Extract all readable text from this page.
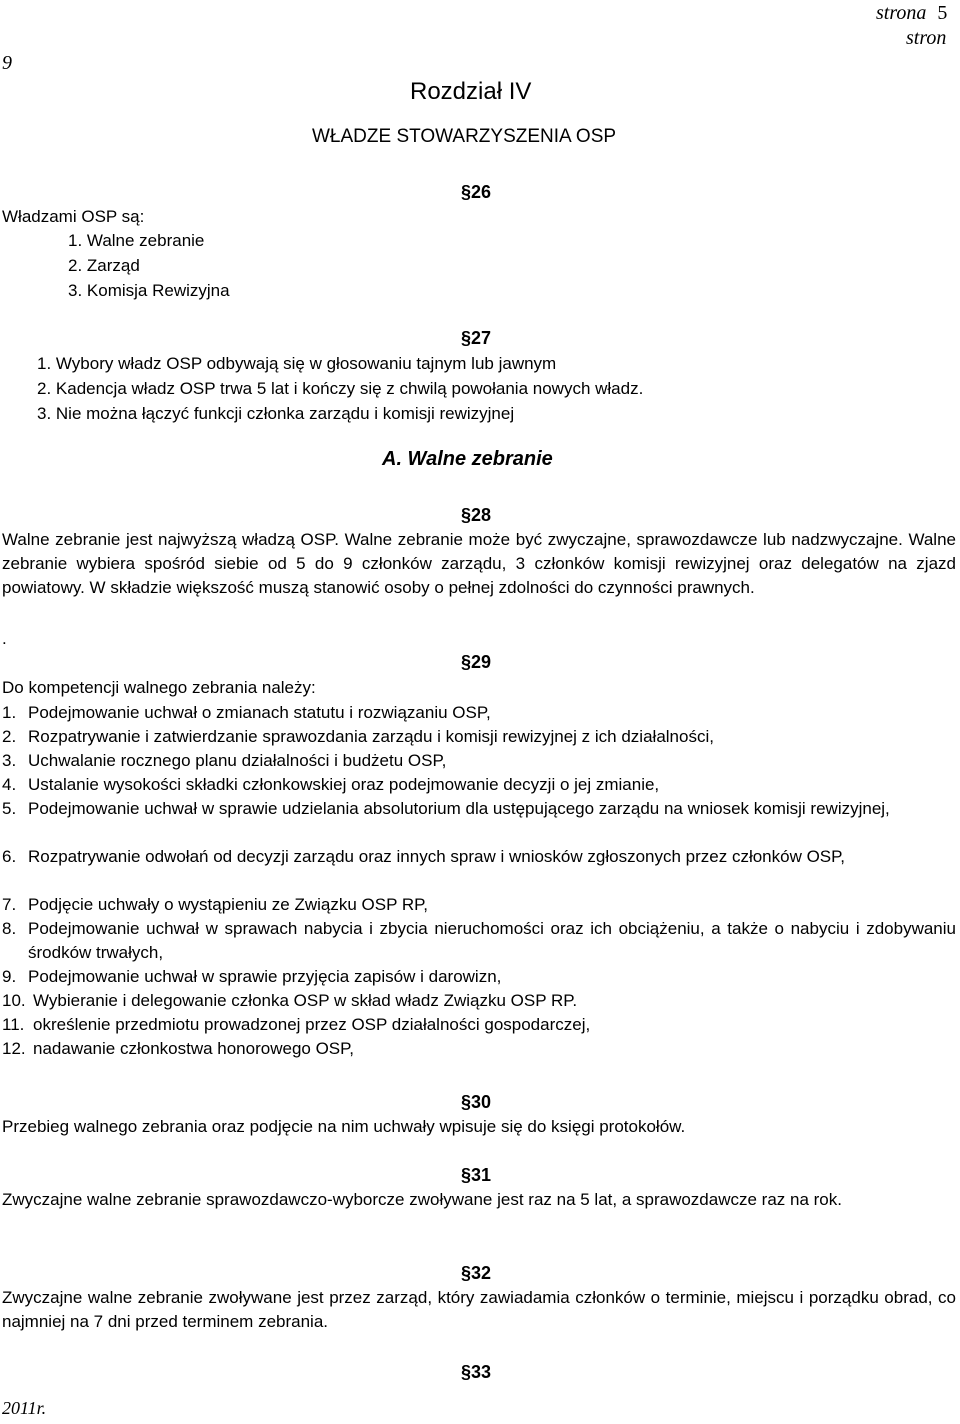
9
strona 5
stron
Rozdział IV
WŁADZE STOWARZYSZENIA OSP
§26
Władzami OSP są:
1. Walne zebranie
2. Zarząd
3. Komisja Rewizyjna
§27
1. Wybory władz OSP odbywają się w głosowaniu tajnym lub jawnym
2. Kadencja władz OSP trwa 5 lat i kończy się z chwilą powołania nowych władz.
3. Nie można łączyć funkcji członka zarządu i komisji rewizyjnej
A. Walne zebranie
§28
Walne zebranie jest najwyższą władzą OSP. Walne zebranie może być zwyczajne, sprawozdawcze lub nadzwyczajne. Walne zebranie wybiera spośród siebie od 5 do 9 członków zarządu, 3 członków komisji rewizyjnej oraz delegatów na zjazd powiatowy. W składzie większość muszą stanowić osoby o pełnej zdolności do czynności prawnych.
.
§29
Do kompetencji walnego zebrania należy:
1. Podejmowanie uchwał o zmianach statutu i rozwiązaniu OSP,
2. Rozpatrywanie i zatwierdzanie sprawozdania zarządu i komisji rewizyjnej z ich działalności,
3. Uchwalanie rocznego planu działalności i budżetu OSP,
4. Ustalanie wysokości składki członkowskiej oraz podejmowanie decyzji o jej zmianie,
5. Podejmowanie uchwał w sprawie udzielania absolutorium dla ustępującego zarządu na wniosek komisji rewizyjnej,
6. Rozpatrywanie odwołań od decyzji zarządu oraz innych spraw i wniosków zgłoszonych przez członków OSP,
7. Podjęcie uchwały o wystąpieniu ze Związku OSP RP,
8. Podejmowanie uchwał w sprawach nabycia i zbycia nieruchomości oraz ich obciążeniu, a także o nabyciu i zdobywaniu środków trwałych,
9. Podejmowanie uchwał w sprawie przyjęcia zapisów i darowizn,
10. Wybieranie i delegowanie członka OSP w skład władz Związku OSP RP.
11. określenie przedmiotu prowadzonej przez OSP działalności gospodarczej,
12. nadawanie członkostwa honorowego OSP,
§30
Przebieg walnego zebrania oraz podjęcie na nim uchwały wpisuje się do księgi protokołów.
§31
Zwyczajne walne zebranie sprawozdawczo-wyborcze zwoływane jest raz na 5 lat, a sprawozdawcze raz na rok.
§32
Zwyczajne walne zebranie zwoływane jest przez zarząd, który zawiadamia członków o terminie, miejscu i porządku obrad, co najmniej na 7 dni przed terminem zebrania.
§33
2011r.
